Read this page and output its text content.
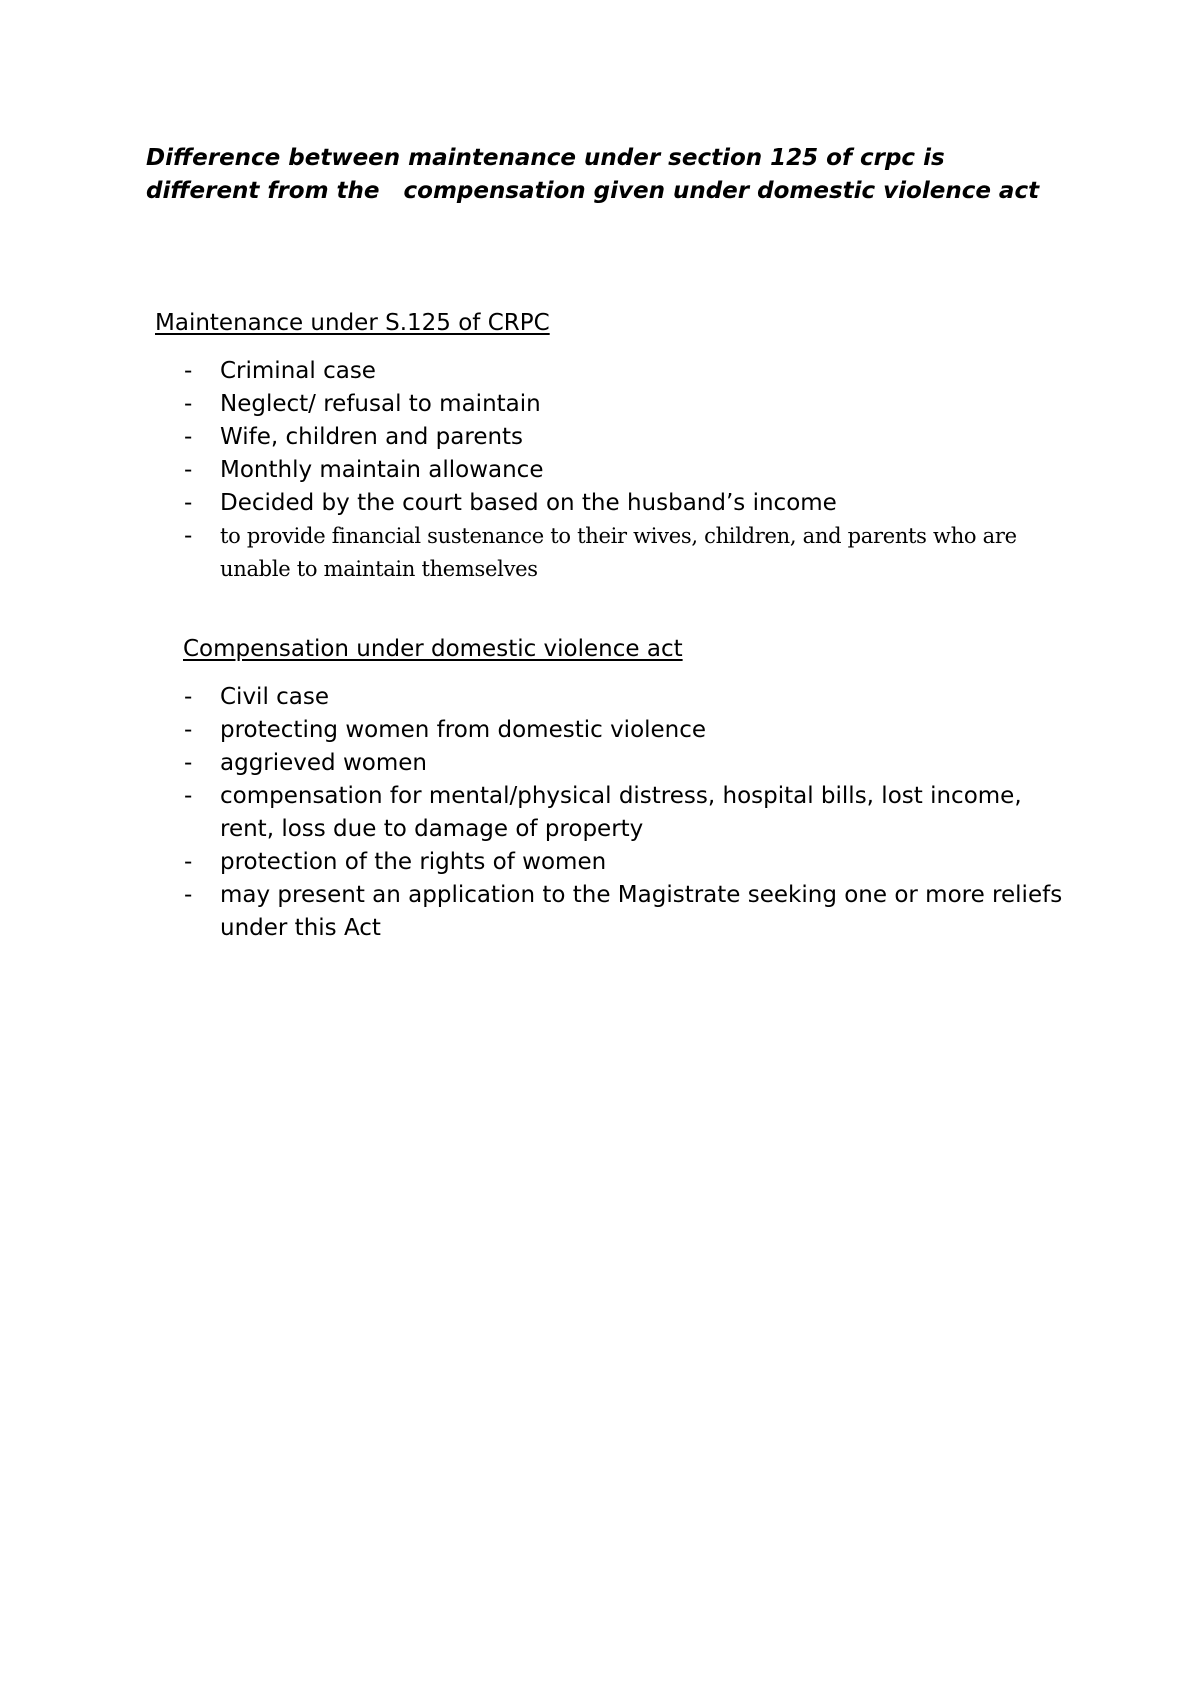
Difference between maintenance under section 125 of crpc is different from the   compensation given under domestic violence act

Maintenance under S.125 of CRPC

-	Criminal case
-	Neglect/ refusal to maintain
-	Wife, children and parents
-	Monthly maintain allowance
-	Decided by the court based on the husband’s income
-	to provide financial sustenance to their wives, children, and parents who are unable to maintain themselves

Compensation under domestic violence act

-	Civil case
-	protecting women from domestic violence
-	aggrieved women
-	compensation for mental/physical distress, hospital bills, lost income, rent, loss due to damage of property
-	protection of the rights of women
-	may present an application to the Magistrate seeking one or more reliefs under this Act
